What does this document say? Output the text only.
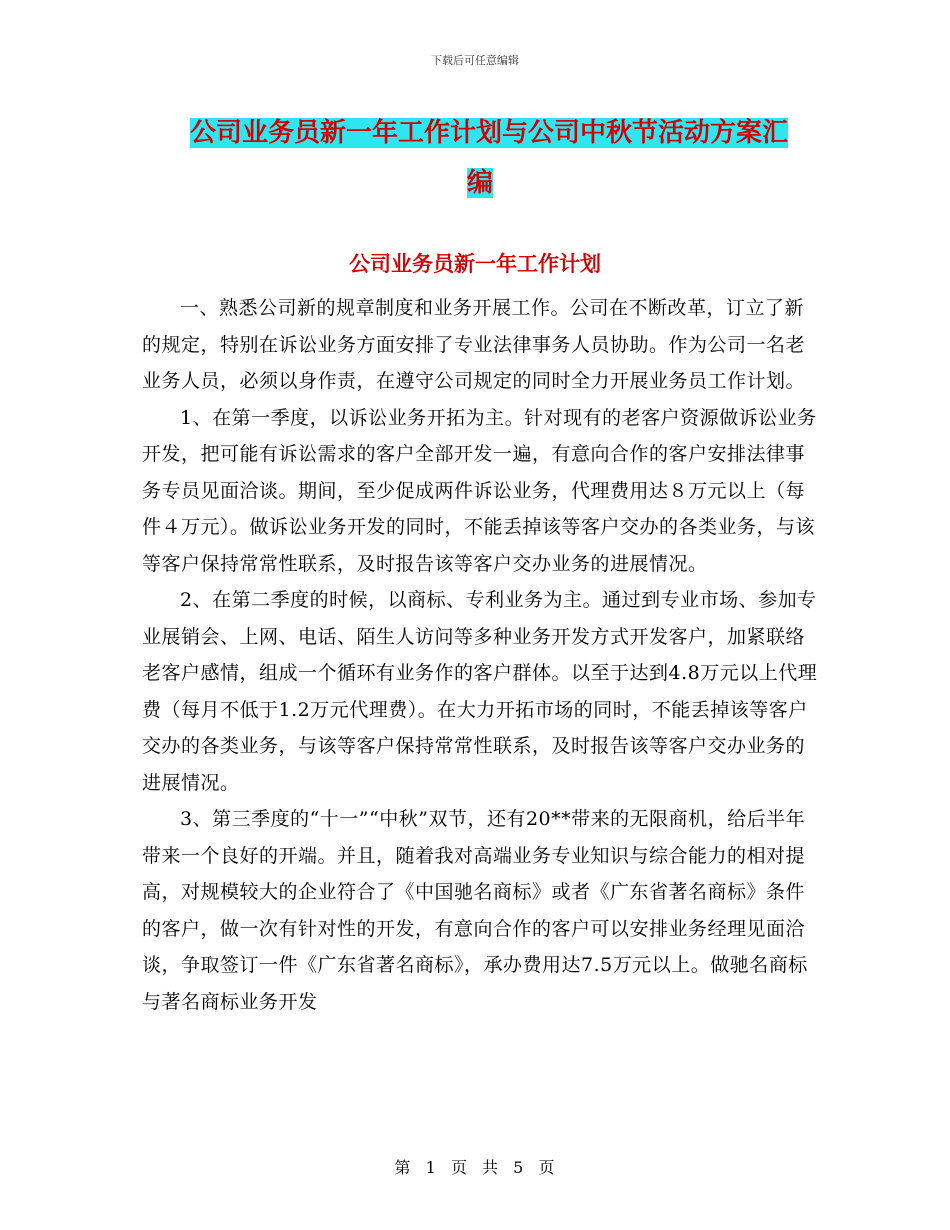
下载后可任意编辑
公司业务员新一年工作计划与公司中秋节活动方案汇
编
公司业务员新一年工作计划

一、熟悉公司新的规章制度和业务开展工作。公司在不断改革，订立了新的规定，特别在诉讼业务方面安排了专业法律事务人员协助。作为公司一名老业务人员，必须以身作责，在遵守公司规定的同时全力开展业务员工作计划。

1、在第一季度，以诉讼业务开拓为主。针对现有的老客户资源做诉讼业务开发，把可能有诉讼需求的客户全部开发一遍，有意向合作的客户安排法律事务专员见面洽谈。期间，至少促成两件诉讼业务，代理费用达８万元以上（每件４万元）。做诉讼业务开发的同时，不能丢掉该等客户交办的各类业务，与该等客户保持常常性联系，及时报告该等客户交办业务的进展情况。

2、在第二季度的时候，以商标、专利业务为主。通过到专业市场、参加专业展销会、上网、电话、陌生人访问等多种业务开发方式开发客户，加紧联络老客户感情，组成一个循环有业务作的客户群体。以至于达到4.8万元以上代理费（每月不低于1.2万元代理费）。在大力开拓市场的同时，不能丢掉该等客户交办的各类业务，与该等客户保持常常性联系，及时报告该等客户交办业务的进展情况。

3、第三季度的“十一”“中秋”双节，还有20**带来的无限商机，给后半年带来一个良好的开端。并且，随着我对高端业务专业知识与综合能力的相对提高，对规模较大的企业符合了《中国驰名商标》或者《广东省著名商标》条件的客户，做一次有针对性的开发，有意向合作的客户可以安排业务经理见面洽谈，争取签订一件《广东省著名商标》，承办费用达7.5万元以上。做驰名商标与著名商标业务开发

第 1 页 共 5 页
